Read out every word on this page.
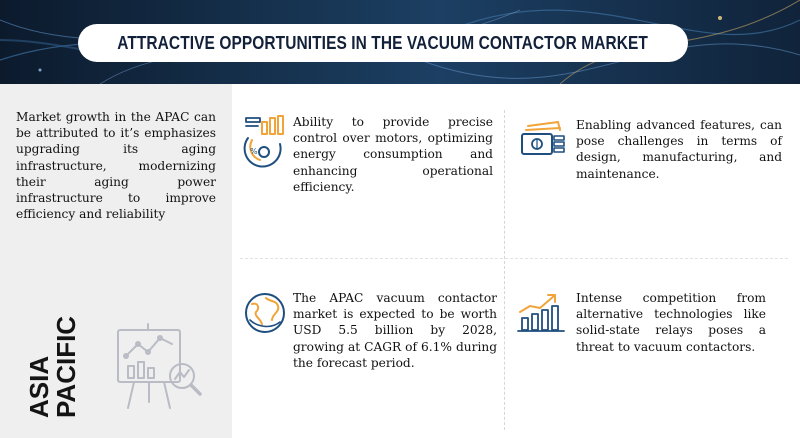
ATTRACTIVE OPPORTUNITIES IN THE VACUUM CONTACTOR MARKET
Market growth in the APAC can be attributed to it’s emphasizes upgrading its aging infrastructure, modernizing their aging power infrastructure to improve efficiency and reliability
ASIA
PACIFIC
%
Ability to provide precise control over motors, optimizing energy consumption and enhancing operational efficiency.
Enabling advanced features, can pose challenges in terms of design, manufacturing, and maintenance.
The APAC vacuum contactor market is expected to be worth USD 5.5 billion by 2028, growing at CAGR of 6.1% during the forecast period.
Intense competition from alternative technologies like solid-state relays poses a threat to vacuum contactors.
